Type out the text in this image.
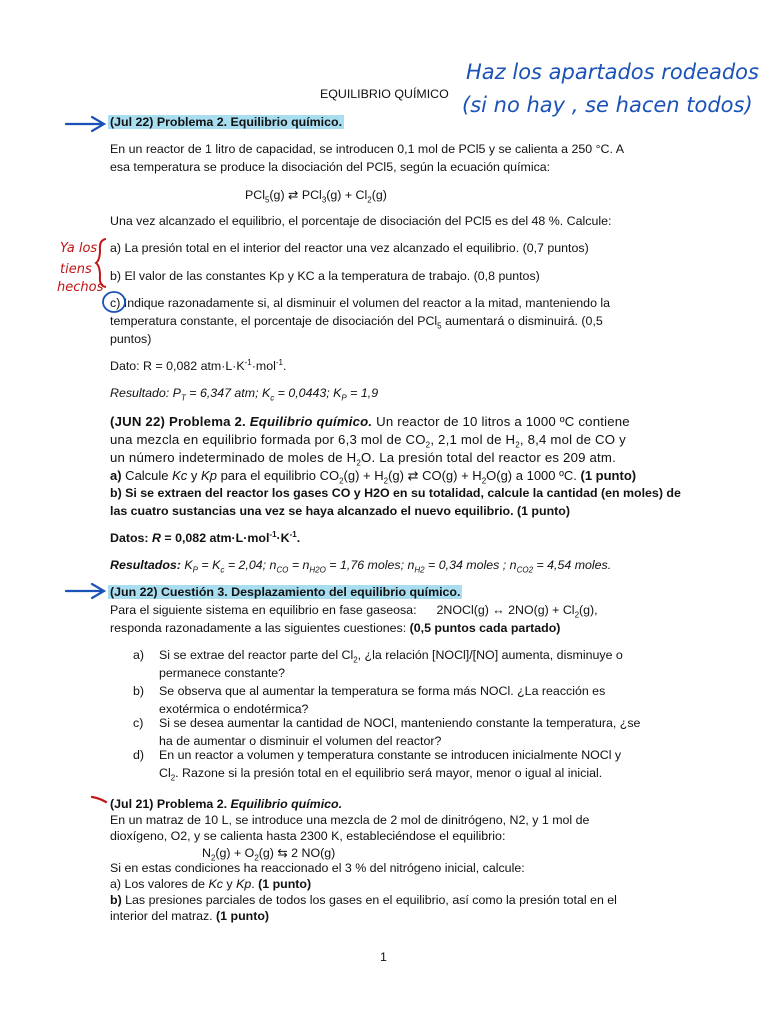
EQUILIBRIO QUÍMICO
Haz los apartados rodeados
(si no hay , se hacen todos)
(Jul 22) Problema 2. Equilibrio químico.
En un reactor de 1 litro de capacidad, se introducen 0,1 mol de PCl5 y se calienta a 250 °C. A
esa temperatura se produce la disociación del PCl5, según la ecuación química:
PCl$_5$(g) ⇄ $PCl_3(g) + Cl_2(g)$
Una vez alcanzado el equilibrio, el porcentaje de disociación del PCl5 es del 48 %. Calcule:
Ya los
tiens
hechos
a) La presión total en el interior del reactor una vez alcanzado el equilibrio. (0,7 puntos)
b) El valor de las constantes Kp y KC a la temperatura de trabajo. (0,8 puntos)
c) Indique razonadamente si, al disminuir el volumen del reactor a la mitad, manteniendo la
temperatura constante, el porcentaje de disociación del PCl$_5$ aumentará o disminuirá. (0,5
puntos)
Dato: R = 0,082 $atm\cdot L\cdot K^{-1}\cdot mol^{-1}$.
Resultado: $P_T = 6,347$ atm; $K_c = 0,0443$; $K_P = 1,9$
(JUN 22) Problema 2. Equilibrio químico. Un reactor de 10 litros a 1000 ºC contiene
una mezcla en equilibrio formada por 6,3 mol de $CO_2$, 2,1 mol de $H_2$, 8,4 mol de CO y
un número indeterminado de moles de $H_2O$. La presión total del reactor es 209 atm.
a) Calcule Kc y Kp para el equilibrio $CO_2(g) + H_2(g)$ ⇄ $CO(g) + H_2O(g)$ a 1000 ºC. (1 punto)
b) Si se extraen del reactor los gases CO y H2O en su totalidad, calcule la cantidad (en moles) de
las cuatro sustancias una vez se haya alcanzado el nuevo equilibrio. (1 punto)
Datos: R = 0,082 $atm\cdot L\cdot mol^{-1}\cdot K^{-1}$.
Resultados: $K_P = K_c = 2,04$; $n_{CO} = n_{H2O} = 1,76$ moles; $n_{H2} = 0,34$ moles ; $n_{CO2} = 4,54$ moles.
(Jun 22) Cuestión 3. Desplazamiento del equilibrio químico.
Para el siguiente sistema en equilibrio en fase gaseosa: 2NOCl(g) ↔ $2NO(g) + Cl_2(g)$,
responda razonadamente a las siguientes cuestiones: (0,5 puntos cada partado)
a) Si se extrae del reactor parte del $Cl_2$, ¿la relación [NOCl]/[NO] aumenta, disminuye o
permanece constante?
b) Se observa que al aumentar la temperatura se forma más NOCl. ¿La reacción es
exotérmica o endotérmica?
c) Si se desea aumentar la cantidad de NOCl, manteniendo constante la temperatura, ¿se
ha de aumentar o disminuir el volumen del reactor?
d) En un reactor a volumen y temperatura constante se introducen inicialmente NOCl y
$Cl_2$. Razone si la presión total en el equilibrio será mayor, menor o igual al inicial.
(Jul 21) Problema 2. Equilibrio químico.
En un matraz de 10 L, se introduce una mezcla de 2 mol de dinitrógeno, N2, y 1 mol de
dioxígeno, O2, y se calienta hasta 2300 K, estableciéndose el equilibrio:
$N_2(g) + O_2(g)$ ⇆ 2 NO(g)
Si en estas condiciones ha reaccionado el 3 % del nitrógeno inicial, calcule:
a) Los valores de Kc y Kp. (1 punto)
b) Las presiones parciales de todos los gases en el equilibrio, así como la presión total en el
interior del matraz. (1 punto)
1
